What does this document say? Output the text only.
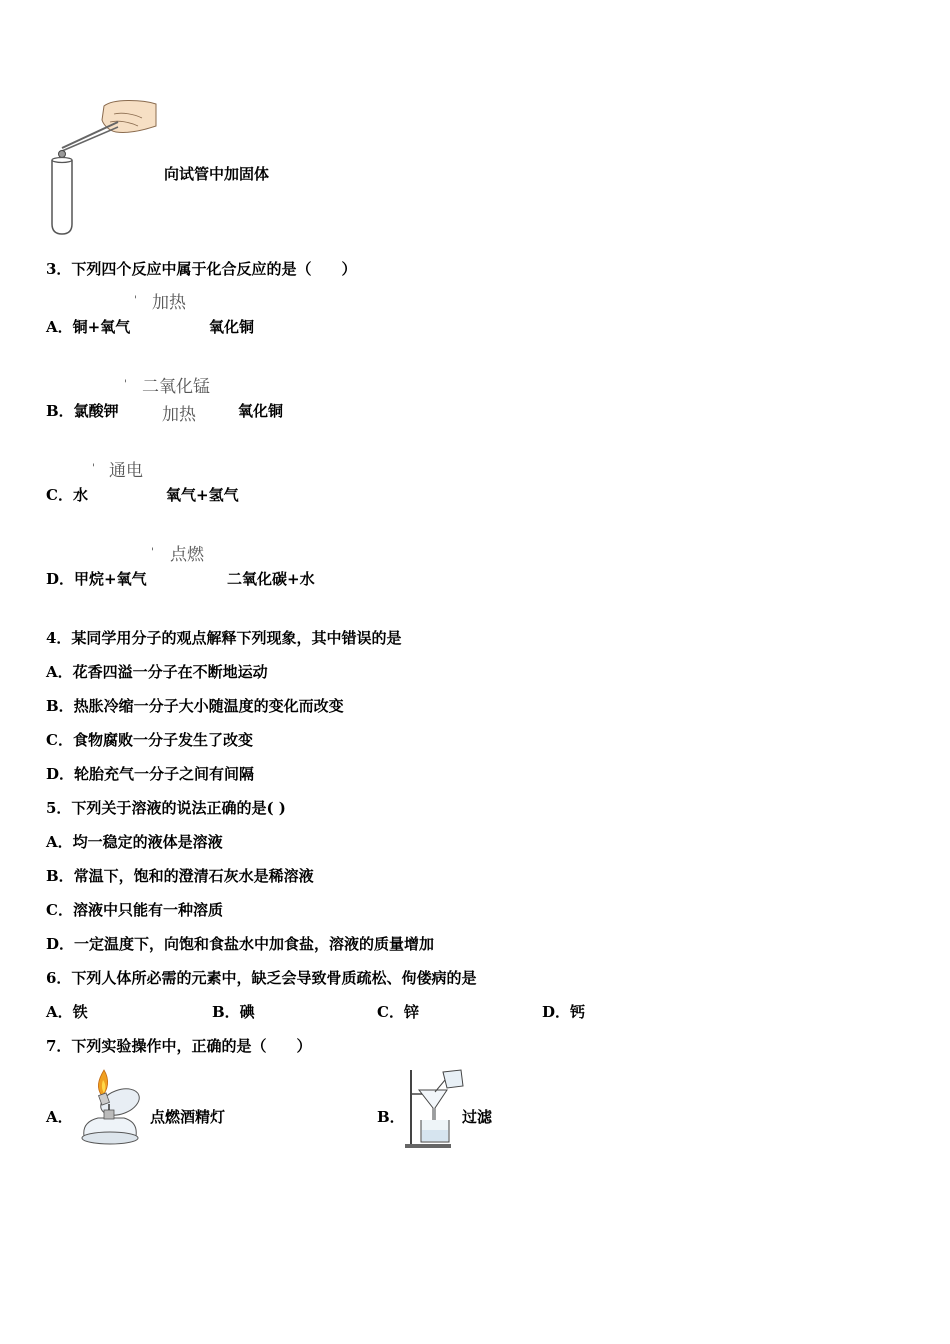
向试管中加固体
3．下列四个反应中属于化合反应的是（　　）
' 加热
A．铜+氧气	氧化铜
' 二氧化锰
加热
B．氯酸钾	氧化铜
' 通电
C．水	氧气+氢气
' 点燃
D．甲烷+氧气	二氧化碳+水
4．某同学用分子的观点解释下列现象，其中错误的是
A．花香四溢一分子在不断地运动
B．热胀冷缩一分子大小随温度的变化而改变
C．食物腐败一分子发生了改变
D．轮胎充气一分子之间有间隔
5．下列关于溶液的说法正确的是( )
A．均一稳定的液体是溶液
B．常温下，饱和的澄清石灰水是稀溶液
C．溶液中只能有一种溶质
D．一定温度下，向饱和食盐水中加食盐，溶液的质量增加
6．下列人体所必需的元素中，缺乏会导致骨质疏松、佝偻病的是
A．铁	B．碘	C．锌	D．钙
7．下列实验操作中，正确的是（　　）
A．	点燃酒精灯	B．	过滤
